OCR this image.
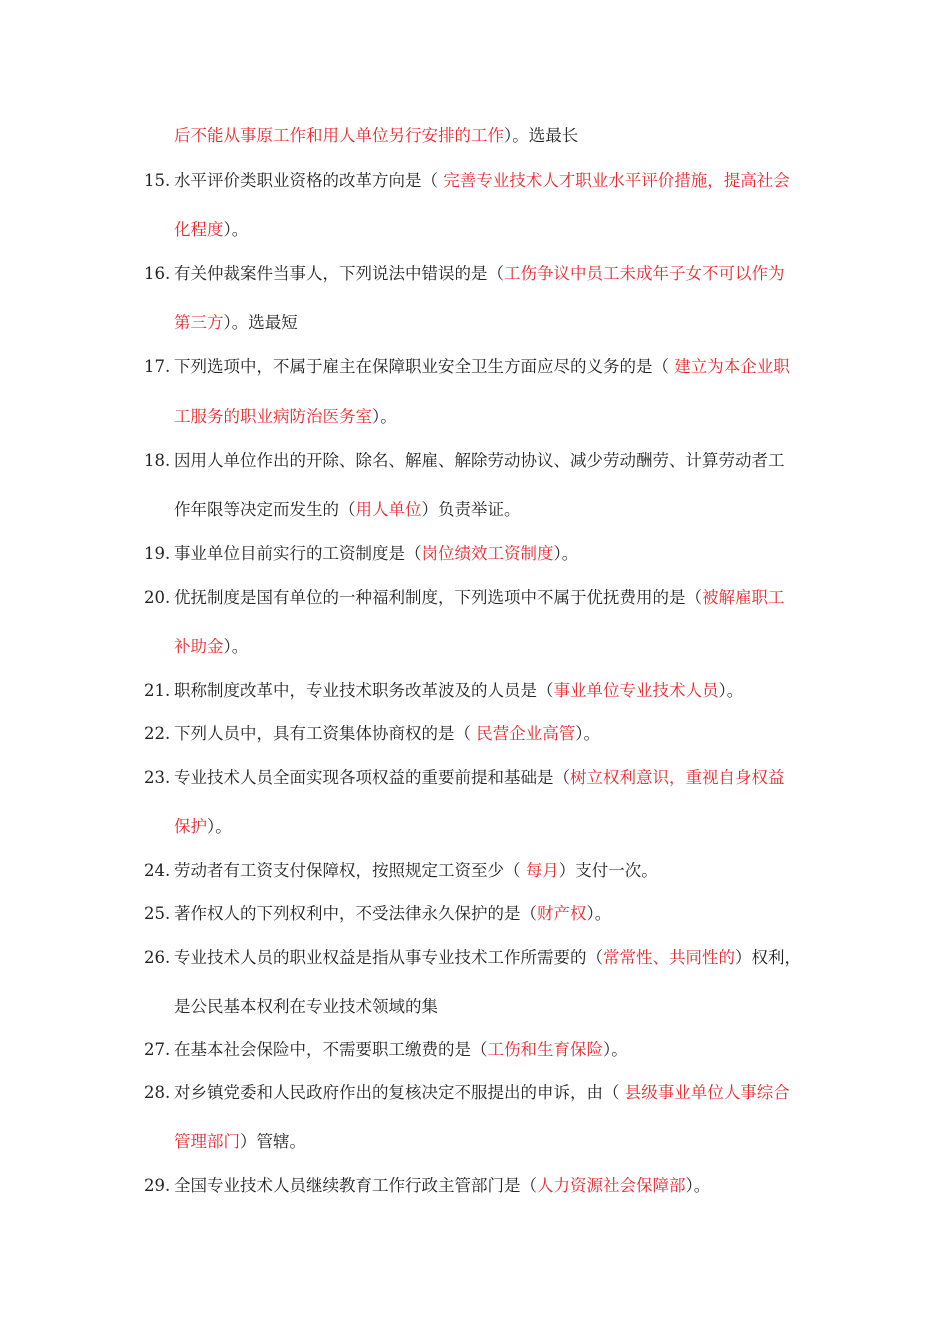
后不能从事原工作和用人单位另行安排的工作）。选最长
15. 水平评价类职业资格的改革方向是（ 完善专业技术人才职业水平评价措施，提高社会
化程度）。
16. 有关仲裁案件当事人，下列说法中错误的是（工伤争议中员工未成年子女不可以作为
第三方）。选最短
17. 下列选项中，不属于雇主在保障职业安全卫生方面应尽的义务的是（ 建立为本企业职
工服务的职业病防治医务室）。
18. 因用人单位作出的开除、除名、解雇、解除劳动协议、减少劳动酬劳、计算劳动者工
作年限等决定而发生的（用人单位）负责举证。
19. 事业单位目前实行的工资制度是（岗位绩效工资制度）。
20. 优抚制度是国有单位的一种福利制度，下列选项中不属于优抚费用的是（被解雇职工
补助金）。
21. 职称制度改革中，专业技术职务改革波及的人员是（事业单位专业技术人员）。
22. 下列人员中，具有工资集体协商权的是（ 民营企业高管）。
23. 专业技术人员全面实现各项权益的重要前提和基础是（树立权利意识，重视自身权益
保护）。
24. 劳动者有工资支付保障权，按照规定工资至少（ 每月）支付一次。
25. 著作权人的下列权利中，不受法律永久保护的是（财产权）。
26. 专业技术人员的职业权益是指从事专业技术工作所需要的（常常性、共同性的）权利，
是公民基本权利在专业技术领域的集
27. 在基本社会保险中，不需要职工缴费的是（工伤和生育保险）。
28. 对乡镇党委和人民政府作出的复核决定不服提出的申诉，由（ 县级事业单位人事综合
管理部门）管辖。
29. 全国专业技术人员继续教育工作行政主管部门是（人力资源社会保障部）。
